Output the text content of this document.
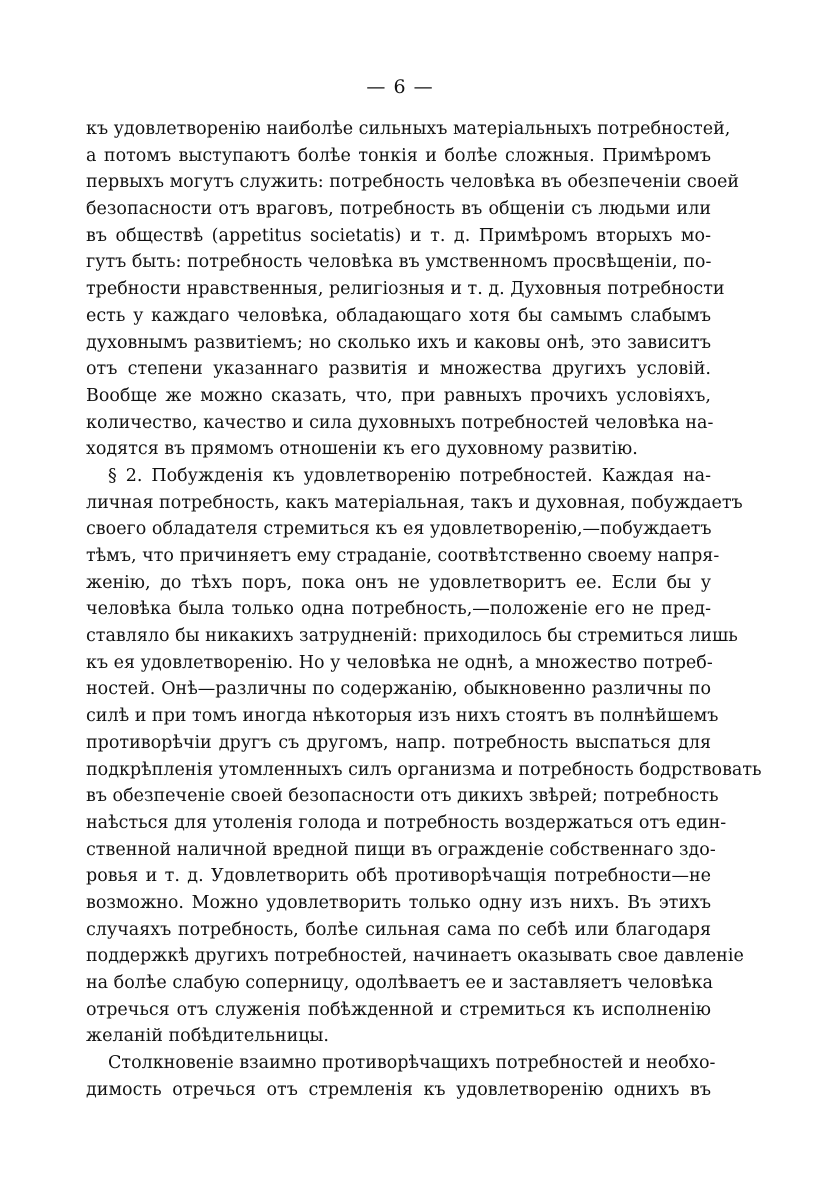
— 6 —
къ удовлетворенію наиболѣе сильныхъ матеріальныхъ потребностей,
а потомъ выступаютъ болѣе тонкія и болѣе сложныя. Примѣромъ
первыхъ могутъ служить: потребность человѣка въ обезпеченіи своей
безопасности отъ враговъ, потребность въ общеніи съ людьми или
въ обществѣ (appetitus societatis) и т. д. Примѣромъ вторыхъ мо-
гутъ быть: потребность человѣка въ умственномъ просвѣщеніи, по-
требности нравственныя, религіозныя и т. д. Духовныя потребности
есть у каждаго человѣка, обладающаго хотя бы самымъ слабымъ
духовнымъ развитіемъ; но сколько ихъ и каковы онѣ, это зависитъ
отъ степени указаннаго развитія и множества другихъ условій.
Вообще же можно сказать, что, при равныхъ прочихъ условіяхъ,
количество, качество и сила духовныхъ потребностей человѣка на-
ходятся въ прямомъ отношеніи къ его духовному развитію.
§ 2. Побужденія къ удовлетворенію потребностей. Каждая на-
личная потребность, какъ матеріальная, такъ и духовная, побуждаетъ
своего обладателя стремиться къ ея удовлетворенію,—побуждаетъ
тѣмъ, что причиняетъ ему страданіе, соотвѣтственно своему напря-
женію, до тѣхъ поръ, пока онъ не удовлетворитъ ее. Если бы у
человѣка была только одна потребность,—положеніе его не пред-
ставляло бы никакихъ затрудненій: приходилось бы стремиться лишь
къ ея удовлетворенію. Но у человѣка не однѣ, а множество потреб-
ностей. Онѣ—различны по содержанію, обыкновенно различны по
силѣ и при томъ иногда нѣкоторыя изъ нихъ стоятъ въ полнѣйшемъ
противорѣчіи другъ съ другомъ, напр. потребность выспаться для
подкрѣпленія утомленныхъ силъ организма и потребность бодрствовать
въ обезпеченіе своей безопасности отъ дикихъ звѣрей; потребность
наѣсться для утоленія голода и потребность воздержаться отъ един-
ственной наличной вредной пищи въ огражденіе собственнаго здо-
ровья и т. д. Удовлетворить обѣ противорѣчащія потребности—не
возможно. Можно удовлетворить только одну изъ нихъ. Въ этихъ
случаяхъ потребность, болѣе сильная сама по себѣ или благодаря
поддержкѣ другихъ потребностей, начинаетъ оказывать свое давленіе
на болѣе слабую соперницу, одолѣваетъ ее и заставляетъ человѣка
отречься отъ служенія побѣжденной и стремиться къ исполненію
желаній побѣдительницы.
Столкновеніе взаимно противорѣчащихъ потребностей и необхо-
димость отречься отъ стремленія къ удовлетворенію однихъ въ
